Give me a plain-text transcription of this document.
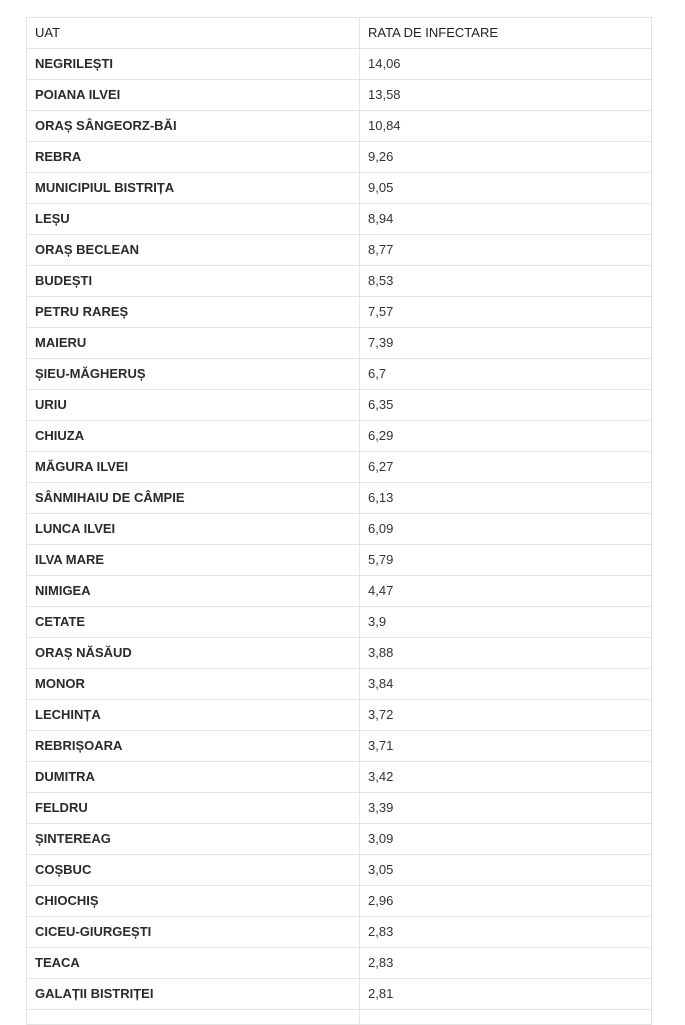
UAT	RATA DE INFECTARE
NEGRILEȘTI	14,06
POIANA ILVEI	13,58
ORAȘ SÂNGEORZ-BĂI	10,84
REBRA	9,26
MUNICIPIUL BISTRIȚA	9,05
LEȘU	8,94
ORAȘ BECLEAN	8,77
BUDEȘTI	8,53
PETRU RAREȘ	7,57
MAIERU	7,39
ȘIEU-MĂGHERUȘ	6,7
URIU	6,35
CHIUZA	6,29
MĂGURA ILVEI	6,27
SÂNMIHAIU DE CÂMPIE	6,13
LUNCA ILVEI	6,09
ILVA MARE	5,79
NIMIGEA	4,47
CETATE	3,9
ORAȘ NĂSĂUD	3,88
MONOR	3,84
LECHINȚA	3,72
REBRIȘOARA	3,71
DUMITRA	3,42
FELDRU	3,39
ȘINTEREAG	3,09
COȘBUC	3,05
CHIOCHIȘ	2,96
CICEU-GIURGEȘTI	2,83
TEACA	2,83
GALAȚII BISTRIȚEI	2,81
